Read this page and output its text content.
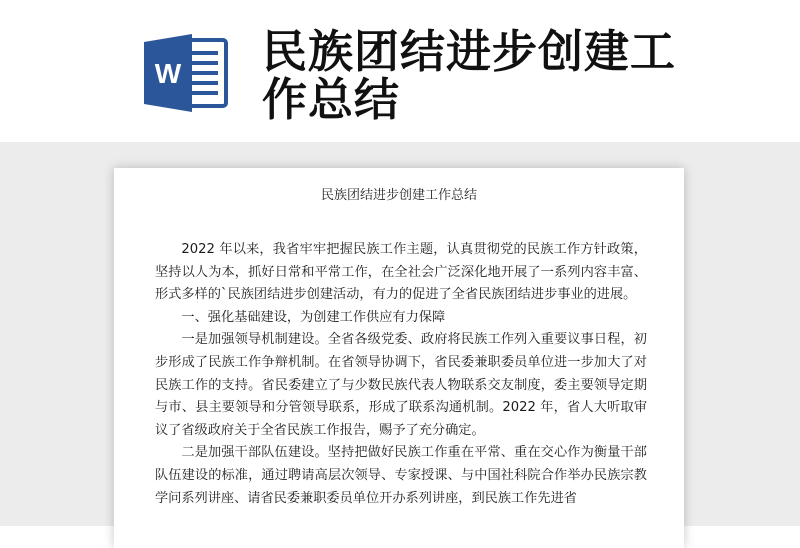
W 民族团结进步创建工作总结
民族团结进步创建工作总结

2022 年以来，我省牢牢把握民族工作主题，认真贯彻党的民族工作方针政策，坚持以人为本，抓好日常和平常工作，在全社会广泛深化地开展了一系列内容丰富、形式多样的`民族团结进步创建活动，有力的促进了全省民族团结进步事业的进展。

一、强化基础建设，为创建工作供应有力保障

一是加强领导机制建设。全省各级党委、政府将民族工作列入重要议事日程，初步形成了民族工作争辩机制。在省领导协调下，省民委兼职委员单位进一步加大了对民族工作的支持。省民委建立了与少数民族代表人物联系交友制度，委主要领导定期与市、县主要领导和分管领导联系，形成了联系沟通机制。2022 年，省人大听取审议了省级政府关于全省民族工作报告，赐予了充分确定。

二是加强干部队伍建设。坚持把做好民族工作重在平常、重在交心作为衡量干部队伍建设的标准，通过聘请高层次领导、专家授课、与中国社科院合作举办民族宗教学问系列讲座、请省民委兼职委员单位开办系列讲座，到民族工作先进省
